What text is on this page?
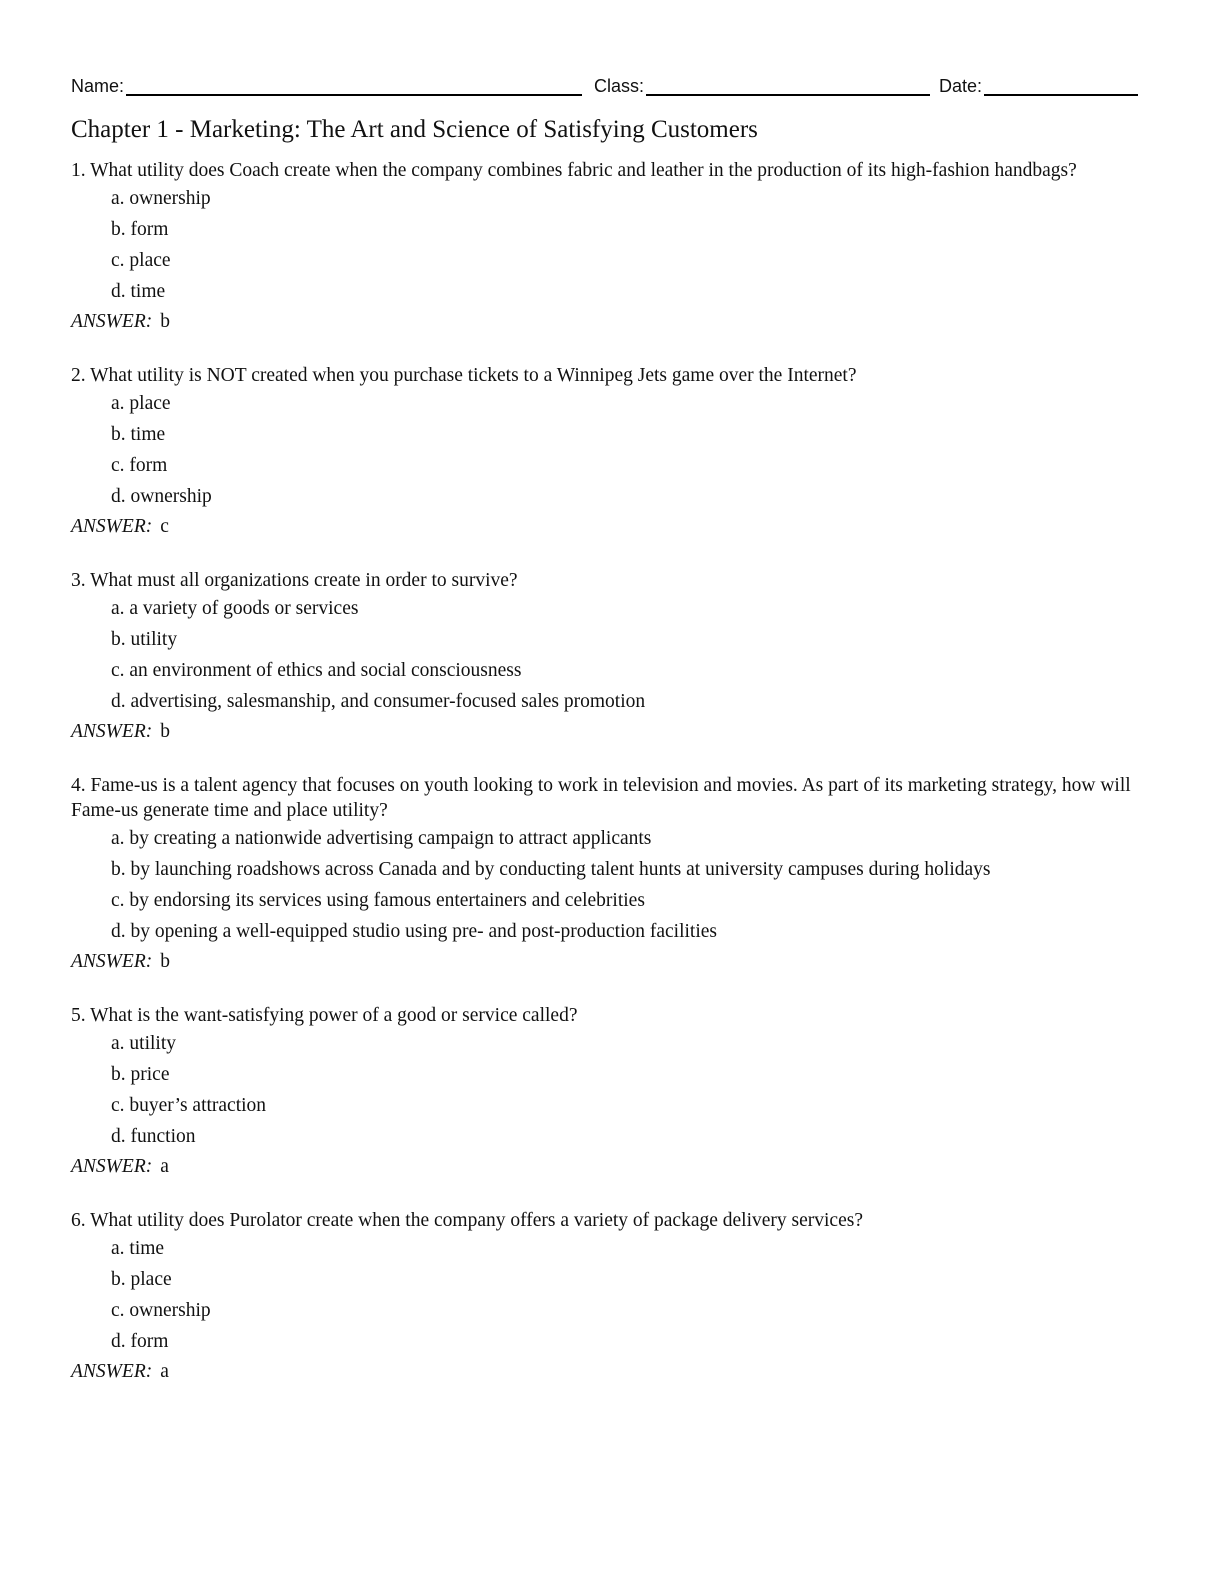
Name:	Class:	Date:
Chapter 1 - Marketing: The Art and Science of Satisfying Customers

1. What utility does Coach create when the company combines fabric and leather in the production of its high-fashion handbags?

a. ownership
b. form
c. place
d. time

ANSWER: b

2. What utility is NOT created when you purchase tickets to a Winnipeg Jets game over the Internet?

a. place
b. time
c. form
d. ownership

ANSWER: c

3. What must all organizations create in order to survive?

a. a variety of goods or services
b. utility
c. an environment of ethics and social consciousness
d. advertising, salesmanship, and consumer-focused sales promotion

ANSWER: b

4. Fame-us is a talent agency that focuses on youth looking to work in television and movies. As part of its marketing strategy, how will Fame-us generate time and place utility?

a. by creating a nationwide advertising campaign to attract applicants
b. by launching roadshows across Canada and by conducting talent hunts at university campuses during holidays
c. by endorsing its services using famous entertainers and celebrities
d. by opening a well-equipped studio using pre- and post-production facilities

ANSWER: b

5. What is the want-satisfying power of a good or service called?

a. utility
b. price
c. buyer’s attraction
d. function

ANSWER: a

6. What utility does Purolator create when the company offers a variety of package delivery services?

a. time
b. place
c. ownership
d. form

ANSWER: a
